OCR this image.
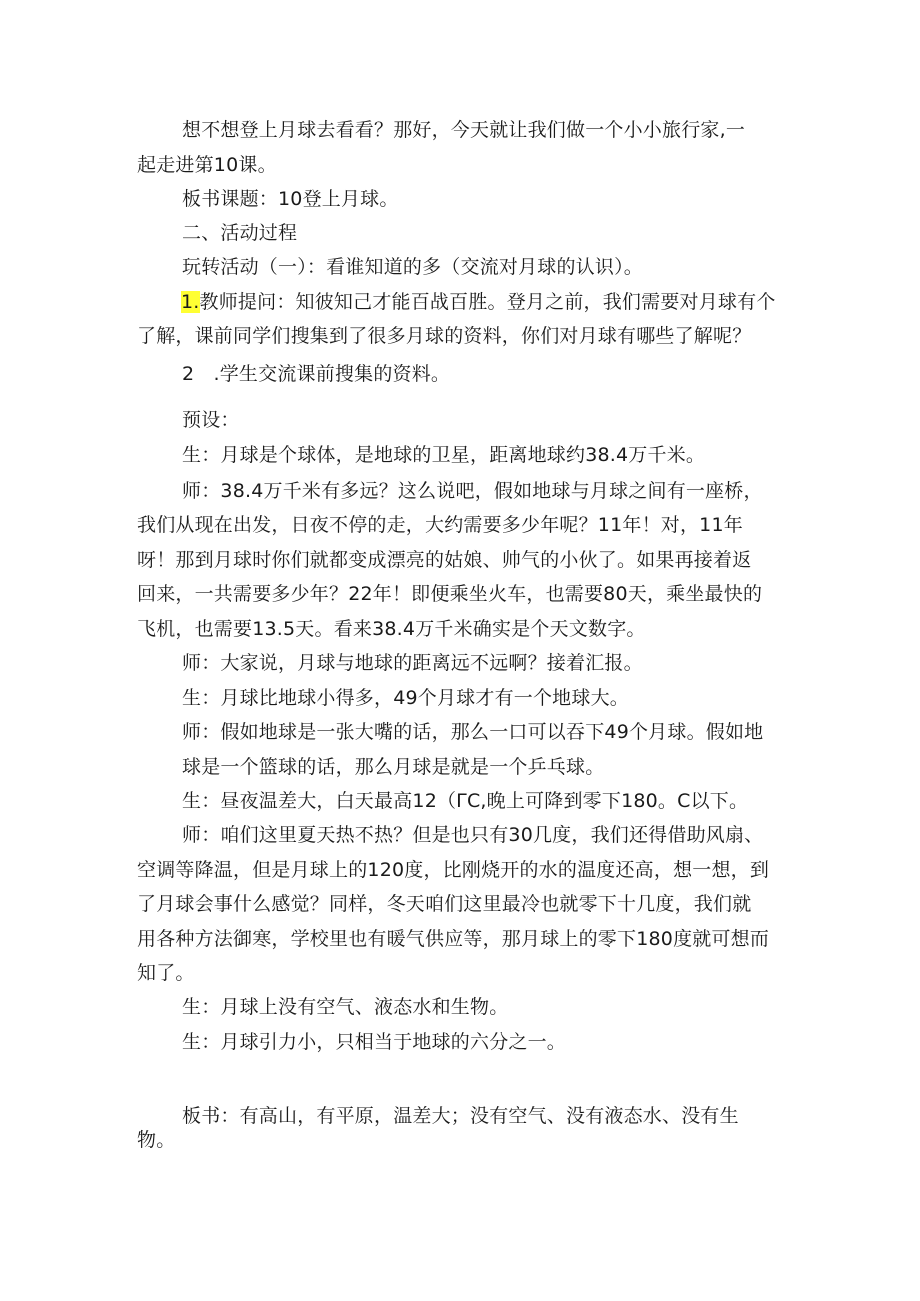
想不想登上月球去看看？那好，今天就让我们做一个小小旅行家,一
起走进第10课。
板书课题：10登上月球。
二、活动过程
玩转活动（一）：看谁知道的多（交流对月球的认识）。
1.教师提问：知彼知己才能百战百胜。登月之前，我们需要对月球有个
了解，课前同学们搜集到了很多月球的资料，你们对月球有哪些了解呢？
2　.学生交流课前搜集的资料。
预设：
生：月球是个球体，是地球的卫星，距离地球约38.4万千米。
师：38.4万千米有多远？这么说吧，假如地球与月球之间有一座桥，
我们从现在出发，日夜不停的走，大约需要多少年呢？11年！对，11年
呀！那到月球时你们就都变成漂亮的姑娘、帅气的小伙了。如果再接着返
回来，一共需要多少年？22年！即便乘坐火车，也需要80天，乘坐最快的
飞机，也需要13.5天。看来38.4万千米确实是个天文数字。
师：大家说，月球与地球的距离远不远啊？接着汇报。
生：月球比地球小得多，49个月球才有一个地球大。
师：假如地球是一张大嘴的话，那么一口可以吞下49个月球。假如地
球是一个篮球的话，那么月球是就是一个乒乓球。
生：昼夜温差大，白天最高12（ΓC,晚上可降到零下180。C以下。
师：咱们这里夏天热不热？但是也只有30几度，我们还得借助风扇、
空调等降温，但是月球上的120度，比刚烧开的水的温度还高，想一想，到
了月球会事什么感觉？同样，冬天咱们这里最冷也就零下十几度，我们就
用各种方法御寒，学校里也有暖气供应等，那月球上的零下180度就可想而
知了。
生：月球上没有空气、液态水和生物。
生：月球引力小，只相当于地球的六分之一。
板书：有高山，有平原，温差大；没有空气、没有液态水、没有生
物。
